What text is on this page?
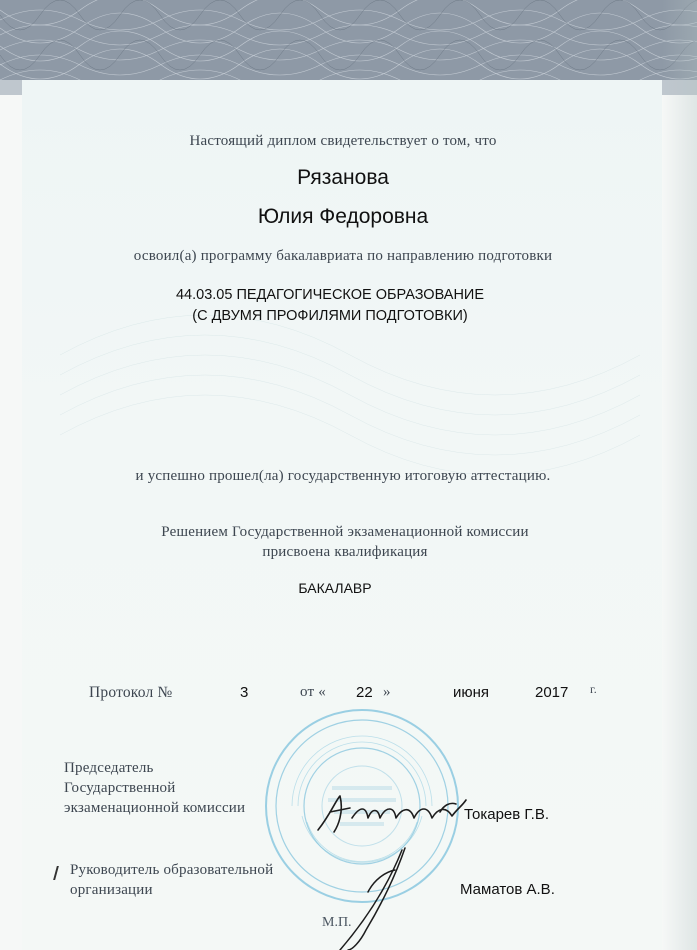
Настоящий диплом свидетельствует о том, что
Рязанова
Юлия Федоровна
освоил(а) программу бакалавриата по направлению подготовки
44.03.05 ПЕДАГОГИЧЕСКОЕ ОБРАЗОВАНИЕ
(С ДВУМЯ ПРОФИЛЯМИ ПОДГОТОВКИ)
и успешно прошел(ла) государственную итоговую аттестацию.
Решением Государственной экзаменационной комиссии
присвоена квалификация
БАКАЛАВР
Протокол №	3	от « 22 »	июня	2017 г.
Председатель
Государственной
экзаменационной комиссии	Токарев Г.В.
Руководитель образовательной
организации	Маматов А.В.
М.П.
